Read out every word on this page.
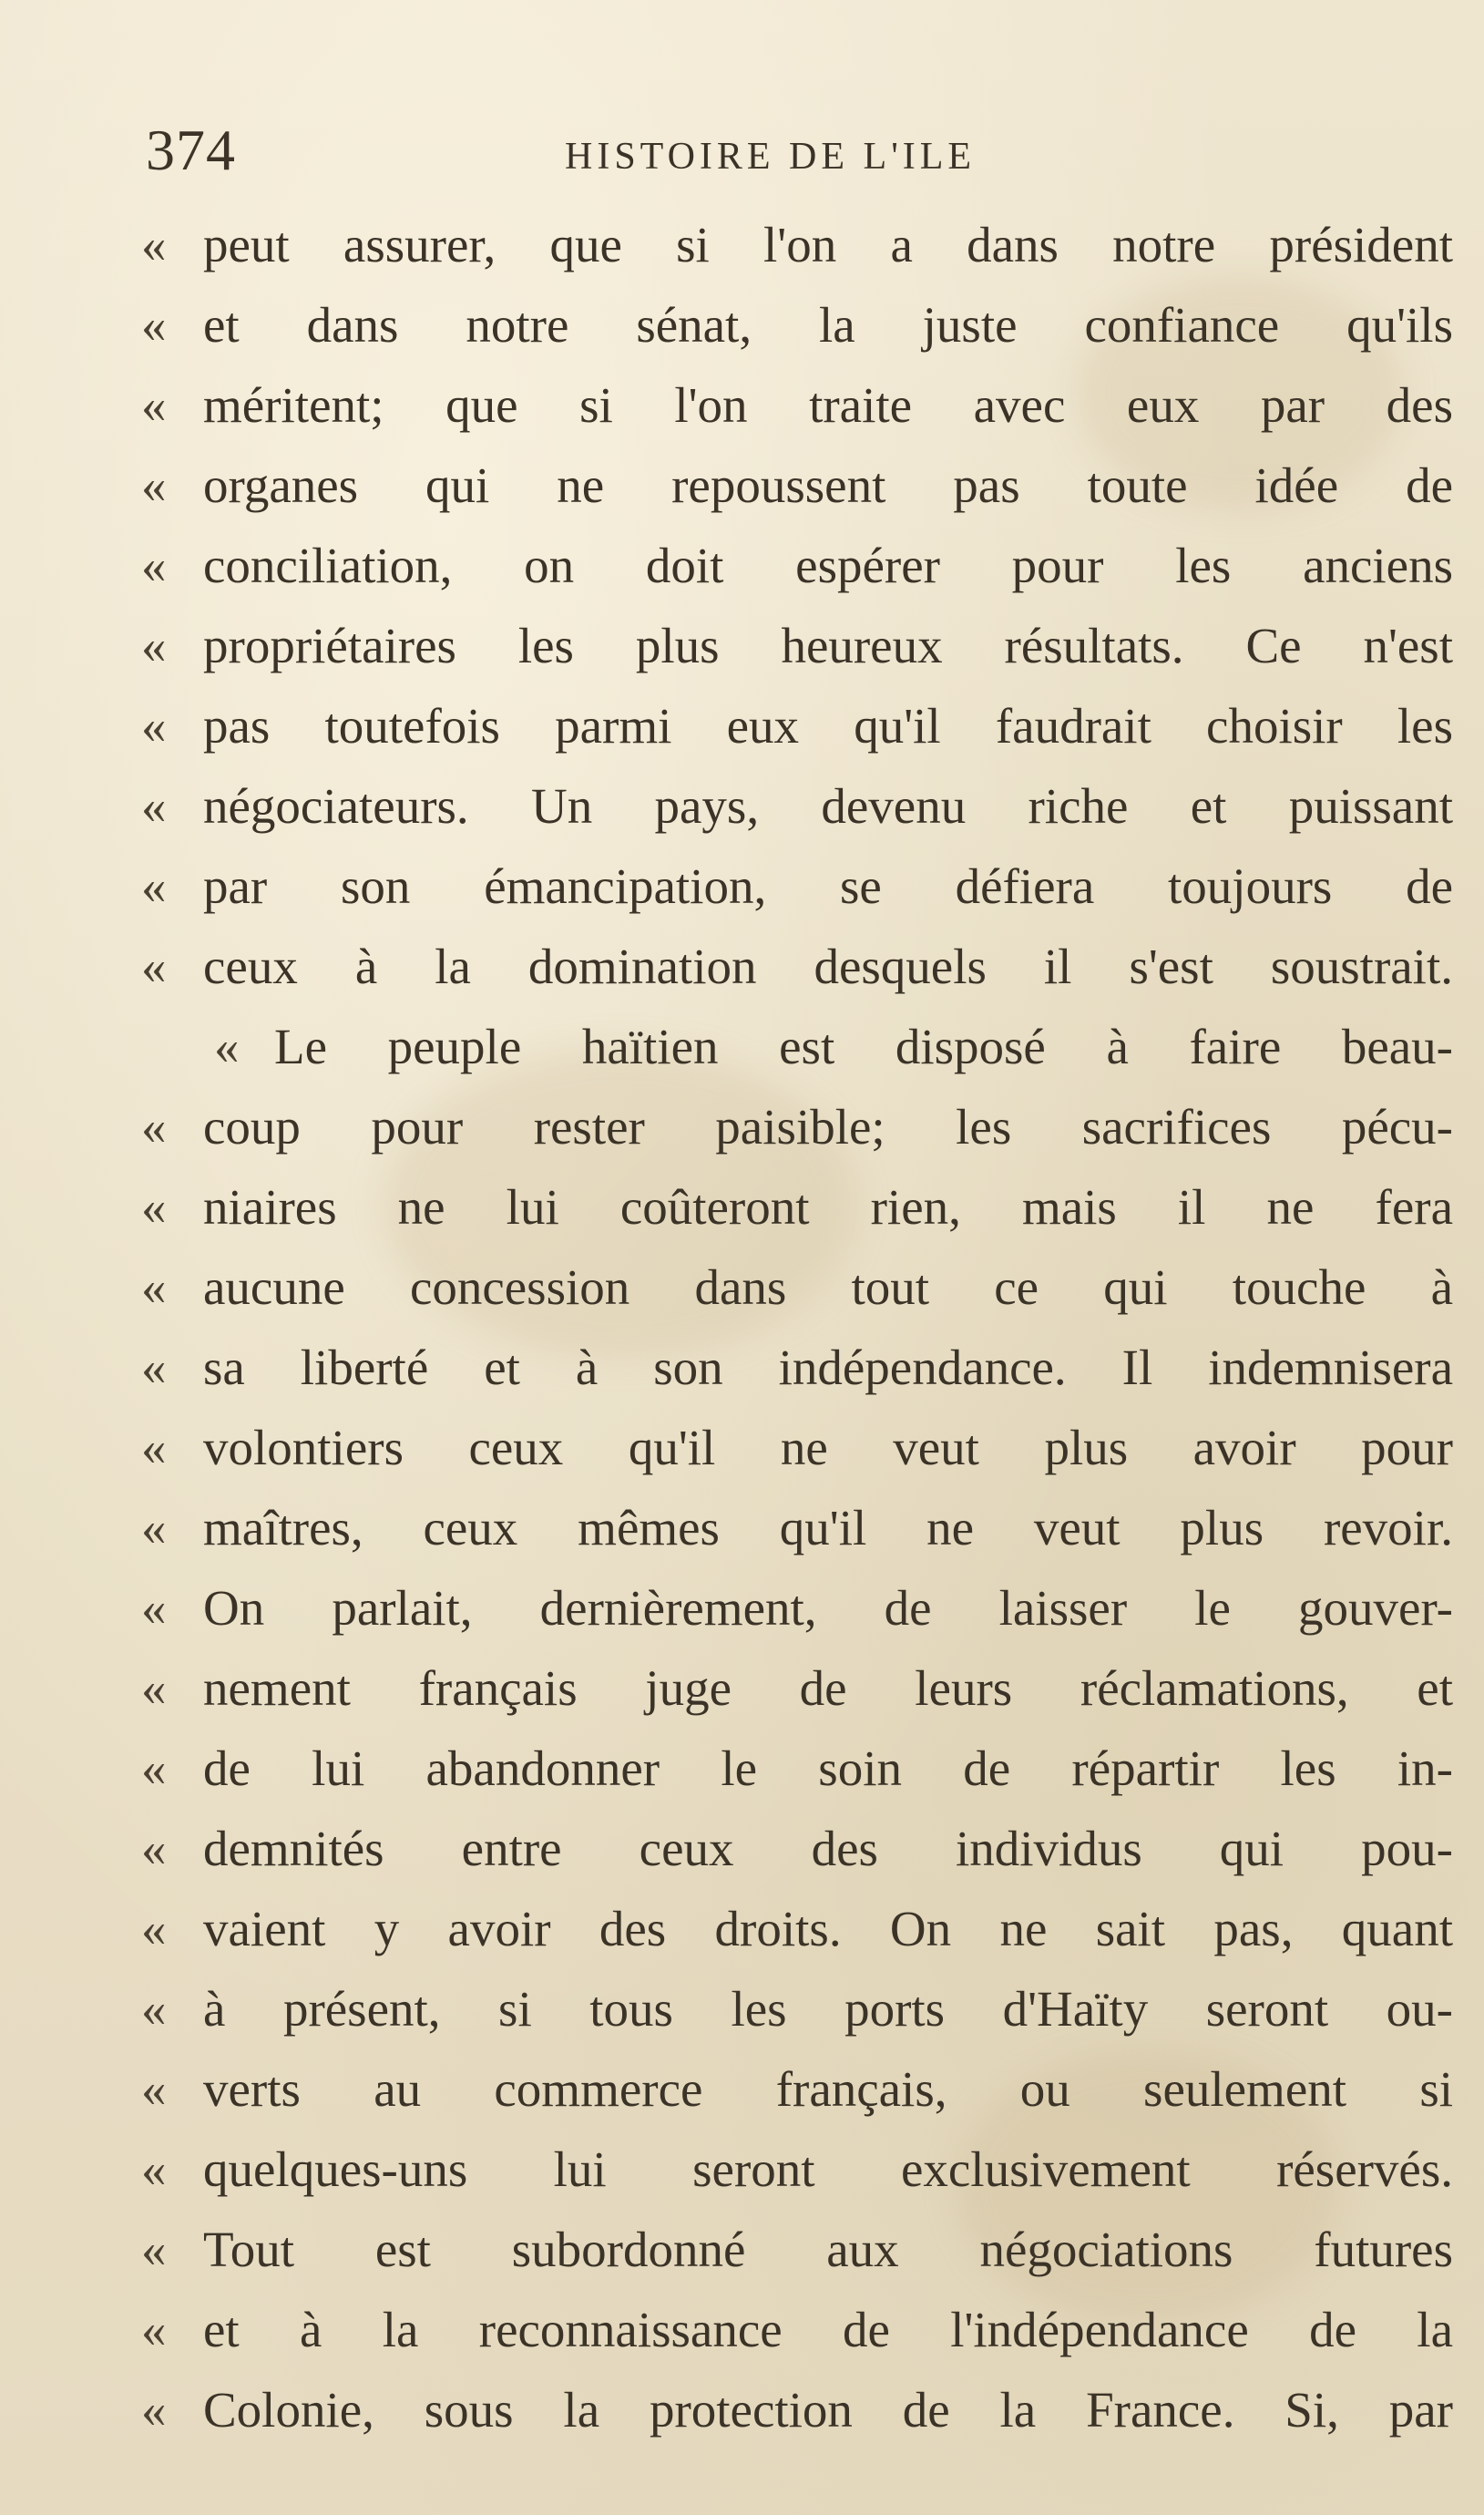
374	HISTOIRE DE L'ILE
« peut assurer, que si l'on a dans notre président
« et dans notre sénat, la juste confiance qu'ils
« méritent; que si l'on traite avec eux par des
« organes qui ne repoussent pas toute idée de
« conciliation, on doit espérer pour les anciens
« propriétaires les plus heureux résultats. Ce n'est
« pas toutefois parmi eux qu'il faudrait choisir les
« négociateurs. Un pays, devenu riche et puissant
« par son émancipation, se défiera toujours de
« ceux à la domination desquels il s'est soustrait.
« Le peuple haïtien est disposé à faire beau-
« coup pour rester paisible; les sacrifices pécu-
« niaires ne lui coûteront rien, mais il ne fera
« aucune concession dans tout ce qui touche à
« sa liberté et à son indépendance. Il indemnisera
« volontiers ceux qu'il ne veut plus avoir pour
« maîtres, ceux mêmes qu'il ne veut plus revoir.
« On parlait, dernièrement, de laisser le gouver-
« nement français juge de leurs réclamations, et
« de lui abandonner le soin de répartir les in-
« demnités entre ceux des individus qui pou-
« vaient y avoir des droits. On ne sait pas, quant
« à présent, si tous les ports d'Haïty seront ou-
« verts au commerce français, ou seulement si
« quelques-uns lui seront exclusivement réservés.
« Tout est subordonné aux négociations futures
« et à la reconnaissance de l'indépendance de la
« Colonie, sous la protection de la France. Si, par
